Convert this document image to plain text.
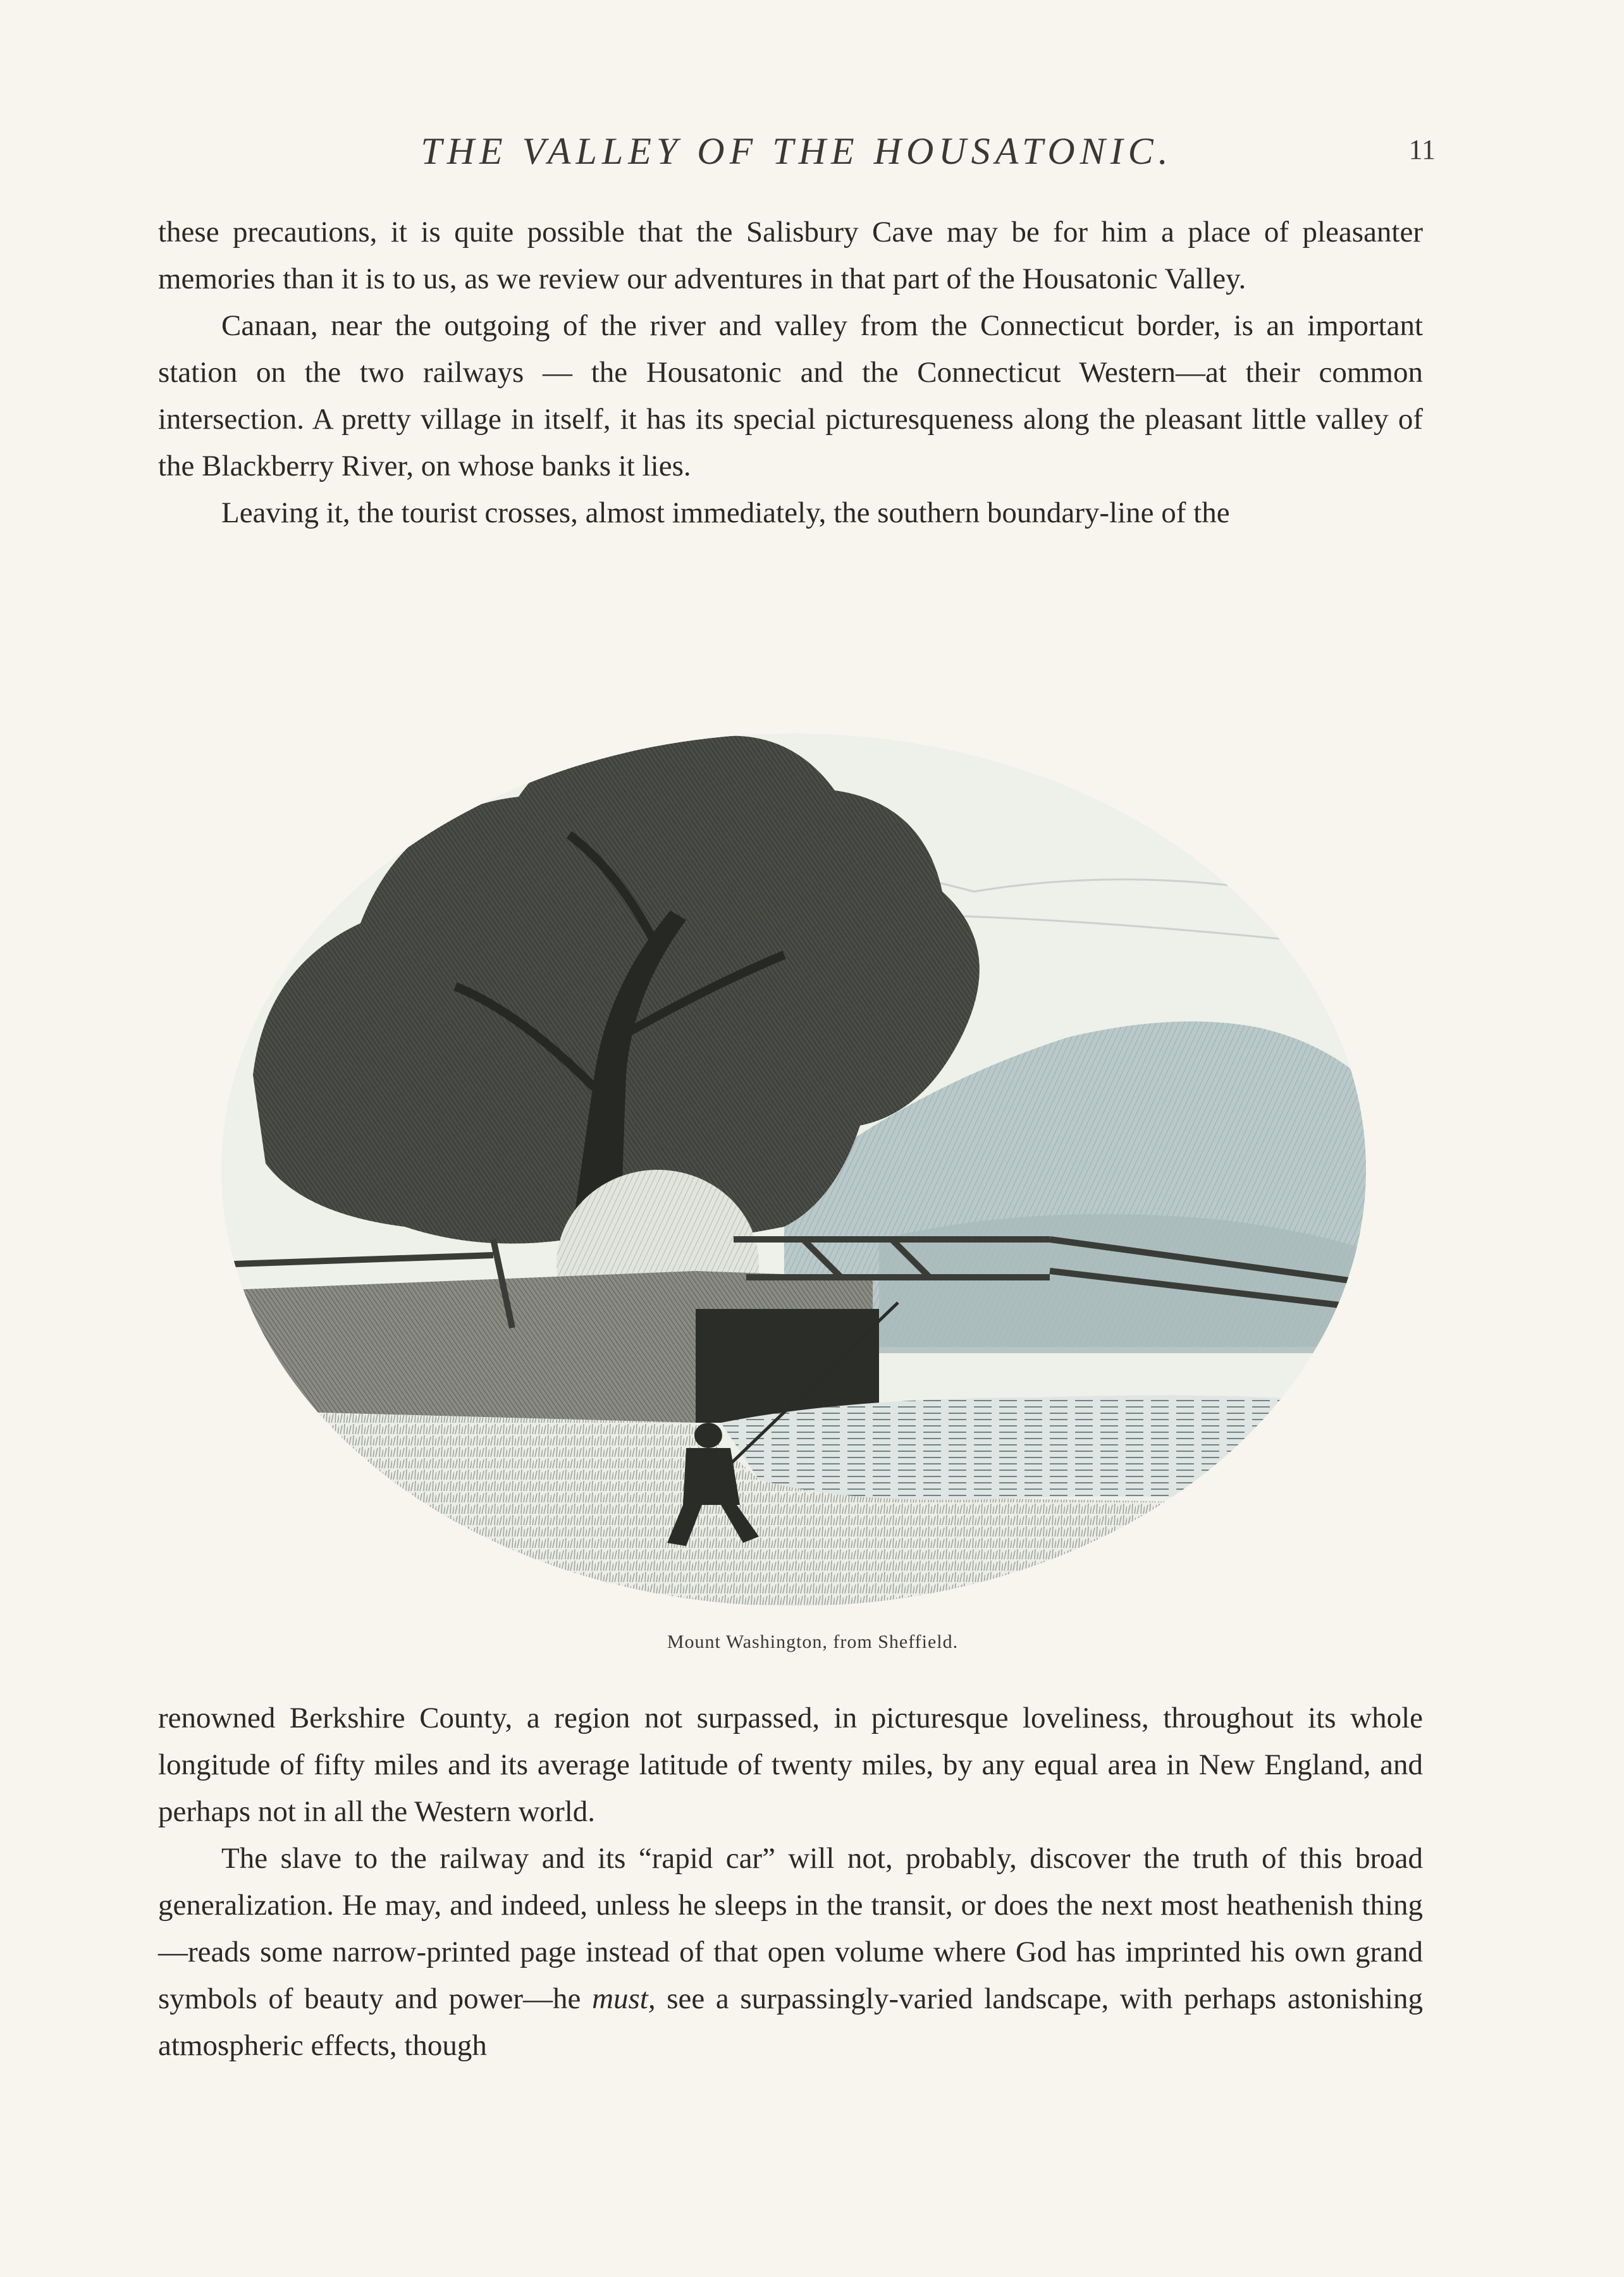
THE VALLEY OF THE HOUSATONIC.	11

these precautions, it is quite possible that the Salisbury Cave may be for him a place of pleasanter memories than it is to us, as we review our adventures in that part of the Housatonic Valley.

Canaan, near the outgoing of the river and valley from the Connecticut border, is an important station on the two railways — the Housatonic and the Connecticut Western—at their common intersection. A pretty village in itself, it has its special picturesqueness along the pleasant little valley of the Blackberry River, on whose banks it lies.

Leaving it, the tourist crosses, almost immediately, the southern boundary-line of the

Mount Washington, from Sheffield.

renowned Berkshire County, a region not surpassed, in picturesque loveliness, throughout its whole longitude of fifty miles and its average latitude of twenty miles, by any equal area in New England, and perhaps not in all the Western world.

The slave to the railway and its “rapid car” will not, probably, discover the truth of this broad generalization. He may, and indeed, unless he sleeps in the transit, or does the next most heathenish thing—reads some narrow-printed page instead of that open volume where God has imprinted his own grand symbols of beauty and power—he must, see a surpassingly-varied landscape, with perhaps astonishing atmospheric effects, though
